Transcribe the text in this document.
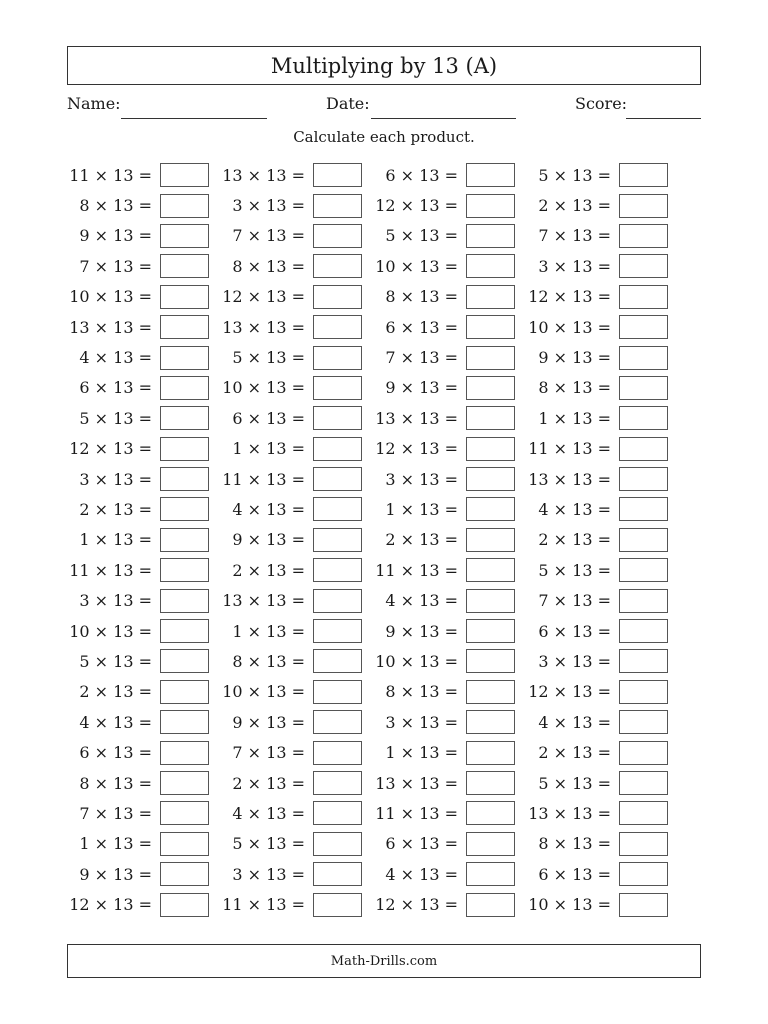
Multiplying by 13 (A)
Name:	Date:	Score:
Calculate each product.
11 × 13 =	13 × 13 =	6 × 13 =	5 × 13 =
8 × 13 =	3 × 13 =	12 × 13 =	2 × 13 =
9 × 13 =	7 × 13 =	5 × 13 =	7 × 13 =
7 × 13 =	8 × 13 =	10 × 13 =	3 × 13 =
10 × 13 =	12 × 13 =	8 × 13 =	12 × 13 =
13 × 13 =	13 × 13 =	6 × 13 =	10 × 13 =
4 × 13 =	5 × 13 =	7 × 13 =	9 × 13 =
6 × 13 =	10 × 13 =	9 × 13 =	8 × 13 =
5 × 13 =	6 × 13 =	13 × 13 =	1 × 13 =
12 × 13 =	1 × 13 =	12 × 13 =	11 × 13 =
3 × 13 =	11 × 13 =	3 × 13 =	13 × 13 =
2 × 13 =	4 × 13 =	1 × 13 =	4 × 13 =
1 × 13 =	9 × 13 =	2 × 13 =	2 × 13 =
11 × 13 =	2 × 13 =	11 × 13 =	5 × 13 =
3 × 13 =	13 × 13 =	4 × 13 =	7 × 13 =
10 × 13 =	1 × 13 =	9 × 13 =	6 × 13 =
5 × 13 =	8 × 13 =	10 × 13 =	3 × 13 =
2 × 13 =	10 × 13 =	8 × 13 =	12 × 13 =
4 × 13 =	9 × 13 =	3 × 13 =	4 × 13 =
6 × 13 =	7 × 13 =	1 × 13 =	2 × 13 =
8 × 13 =	2 × 13 =	13 × 13 =	5 × 13 =
7 × 13 =	4 × 13 =	11 × 13 =	13 × 13 =
1 × 13 =	5 × 13 =	6 × 13 =	8 × 13 =
9 × 13 =	3 × 13 =	4 × 13 =	6 × 13 =
12 × 13 =	11 × 13 =	12 × 13 =	10 × 13 =
Math-Drills.com
